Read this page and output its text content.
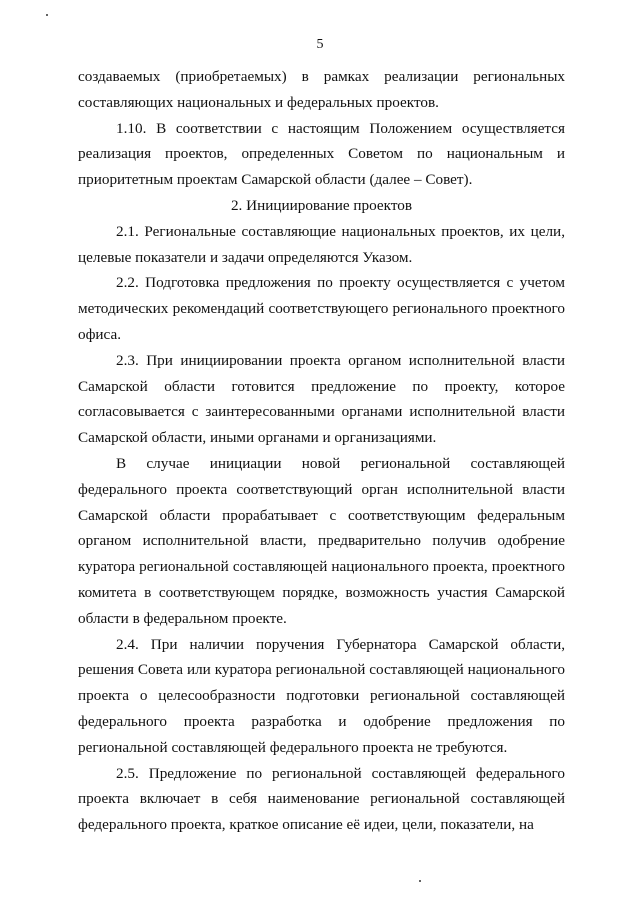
5

создаваемых (приобретаемых) в рамках реализации региональных составляющих национальных и федеральных проектов.

1.10. В соответствии с настоящим Положением осуществляется реализация проектов, определенных Советом по национальным и приоритетным проектам Самарской области (далее – Совет).

2. Инициирование проектов

2.1. Региональные составляющие национальных проектов, их цели, целевые показатели и задачи определяются Указом.

2.2. Подготовка предложения по проекту осуществляется с учетом методических рекомендаций соответствующего регионального проектного офиса.

2.3. При инициировании проекта органом исполнительной власти Самарской области готовится предложение по проекту, которое согласовывается с заинтересованными органами исполнительной власти Самарской области, иными органами и организациями.

В случае инициации новой региональной составляющей федерального проекта соответствующий орган исполнительной власти Самарской области прорабатывает с соответствующим федеральным органом исполнительной власти, предварительно получив одобрение куратора региональной составляющей национального проекта, проектного комитета в соответствующем порядке, возможность участия Самарской области в федеральном проекте.

2.4. При наличии поручения Губернатора Самарской области, решения Совета или куратора региональной составляющей национального проекта о целесообразности подготовки региональной составляющей федерального проекта разработка и одобрение предложения по региональной составляющей федерального проекта не требуются.

2.5. Предложение по региональной составляющей федерального проекта включает в себя наименование региональной составляющей федерального проекта, краткое описание её идеи, цели, показатели, на
